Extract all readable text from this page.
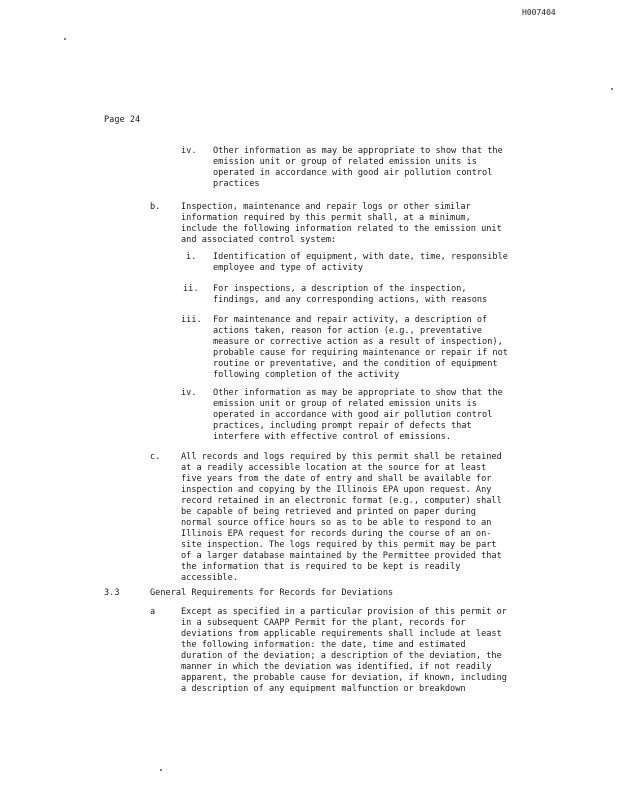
H007404
Page 24
iv. Other information as may be appropriate to show that the
emission unit or group of related emission units is
operated in accordance with good air pollution control
practices
b. Inspection, maintenance and repair logs or other similar
information required by this permit shall, at a minimum,
include the following information related to the emission unit
and associated control system:
i. Identification of equipment, with date, time, responsible
employee and type of activity
ii. For inspections, a description of the inspection,
findings, and any corresponding actions, with reasons
iii. For maintenance and repair activity, a description of
actions taken, reason for action (e.g., preventative
measure or corrective action as a result of inspection),
probable cause for requiring maintenance or repair if not
routine or preventative, and the condition of equipment
following completion of the activity
iv. Other information as may be appropriate to show that the
emission unit or group of related emission units is
operated in accordance with good air pollution control
practices, including prompt repair of defects that
interfere with effective control of emissions.
c. All records and logs required by this permit shall be retained
at a readily accessible location at the source for at least
five years from the date of entry and shall be available for
inspection and copying by the Illinois EPA upon request. Any
record retained in an electronic format (e.g., computer) shall
be capable of being retrieved and printed on paper during
normal source office hours so as to be able to respond to an
Illinois EPA request for records during the course of an on-
site inspection. The logs required by this permit may be part
of a larger database maintained by the Permittee provided that
the information that is required to be kept is readily
accessible.
3.3	General Requirements for Records for Deviations
a	Except as specified in a particular provision of this permit or
in a subsequent CAAPP Permit for the plant, records for
deviations from applicable requirements shall include at least
the following information: the date, time and estimated
duration of the deviation; a description of the deviation, the
manner in which the deviation was identified, if not readily
apparent, the probable cause for deviation, if known, including
a description of any equipment malfunction or breakdown
